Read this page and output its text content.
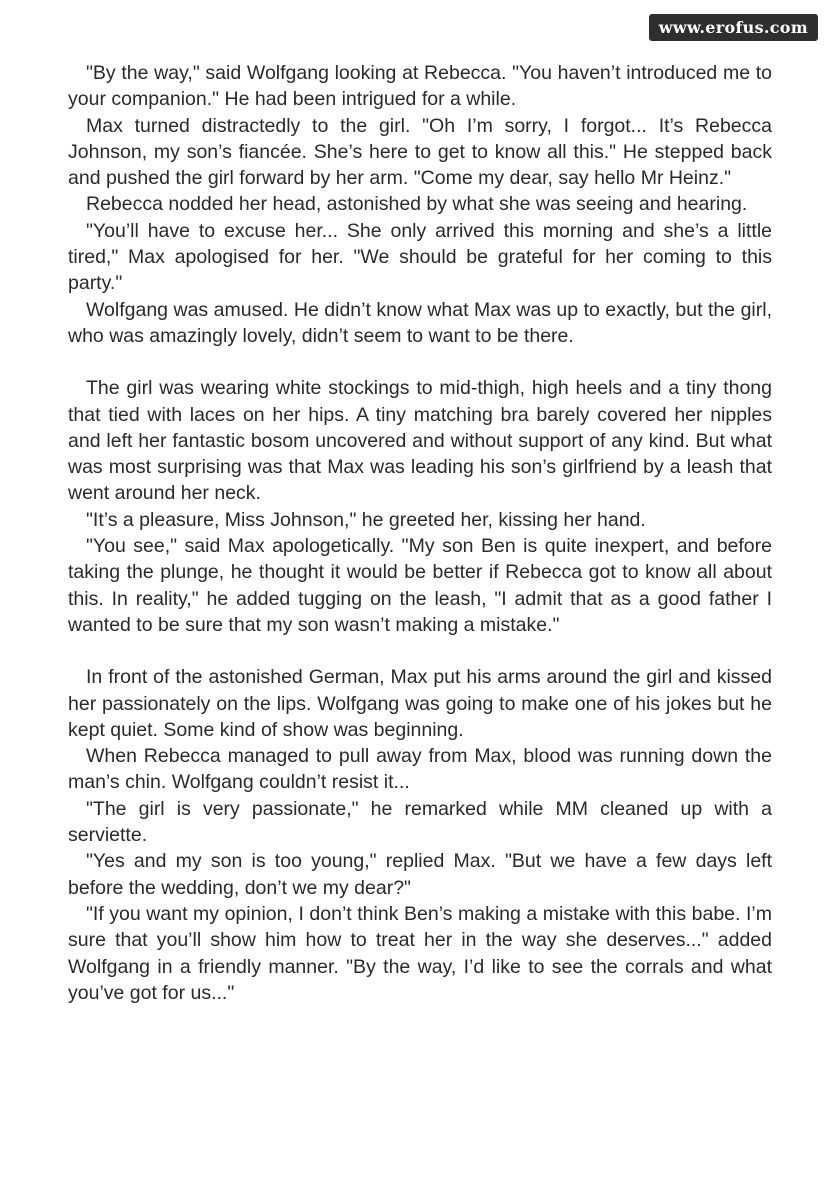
www.erofus.com

"By the way," said Wolfgang looking at Rebecca. "You haven’t introduced me to your companion." He had been intrigued for a while.

Max turned distractedly to the girl. "Oh I’m sorry, I forgot... It’s Rebecca Johnson, my son’s fiancée. She’s here to get to know all this." He stepped back and pushed the girl forward by her arm. "Come my dear, say hello Mr Heinz."

Rebecca nodded her head, astonished by what she was seeing and hearing.

"You’ll have to excuse her... She only arrived this morning and she’s a little tired," Max apologised for her. "We should be grateful for her coming to this party."

Wolfgang was amused. He didn’t know what Max was up to exactly, but the girl, who was amazingly lovely, didn’t seem to want to be there.

The girl was wearing white stockings to mid-thigh, high heels and a tiny thong that tied with laces on her hips. A tiny matching bra barely covered her nipples and left her fantastic bosom uncovered and without support of any kind. But what was most surprising was that Max was leading his son’s girlfriend by a leash that went around her neck.

"It’s a pleasure, Miss Johnson," he greeted her, kissing her hand.

"You see," said Max apologetically. "My son Ben is quite inexpert, and before taking the plunge, he thought it would be better if Rebecca got to know all about this. In reality," he added tugging on the leash, "I admit that as a good father I wanted to be sure that my son wasn’t making a mistake."

In front of the astonished German, Max put his arms around the girl and kissed her passionately on the lips. Wolfgang was going to make one of his jokes but he kept quiet. Some kind of show was beginning.

When Rebecca managed to pull away from Max, blood was running down the man’s chin. Wolfgang couldn’t resist it...

"The girl is very passionate," he remarked while MM cleaned up with a serviette.

"Yes and my son is too young," replied Max. "But we have a few days left before the wedding, don’t we my dear?"

"If you want my opinion, I don’t think Ben’s making a mistake with this babe. I’m sure that you’ll show him how to treat her in the way she deserves..." added Wolfgang in a friendly manner. "By the way, I’d like to see the corrals and what you’ve got for us..."
